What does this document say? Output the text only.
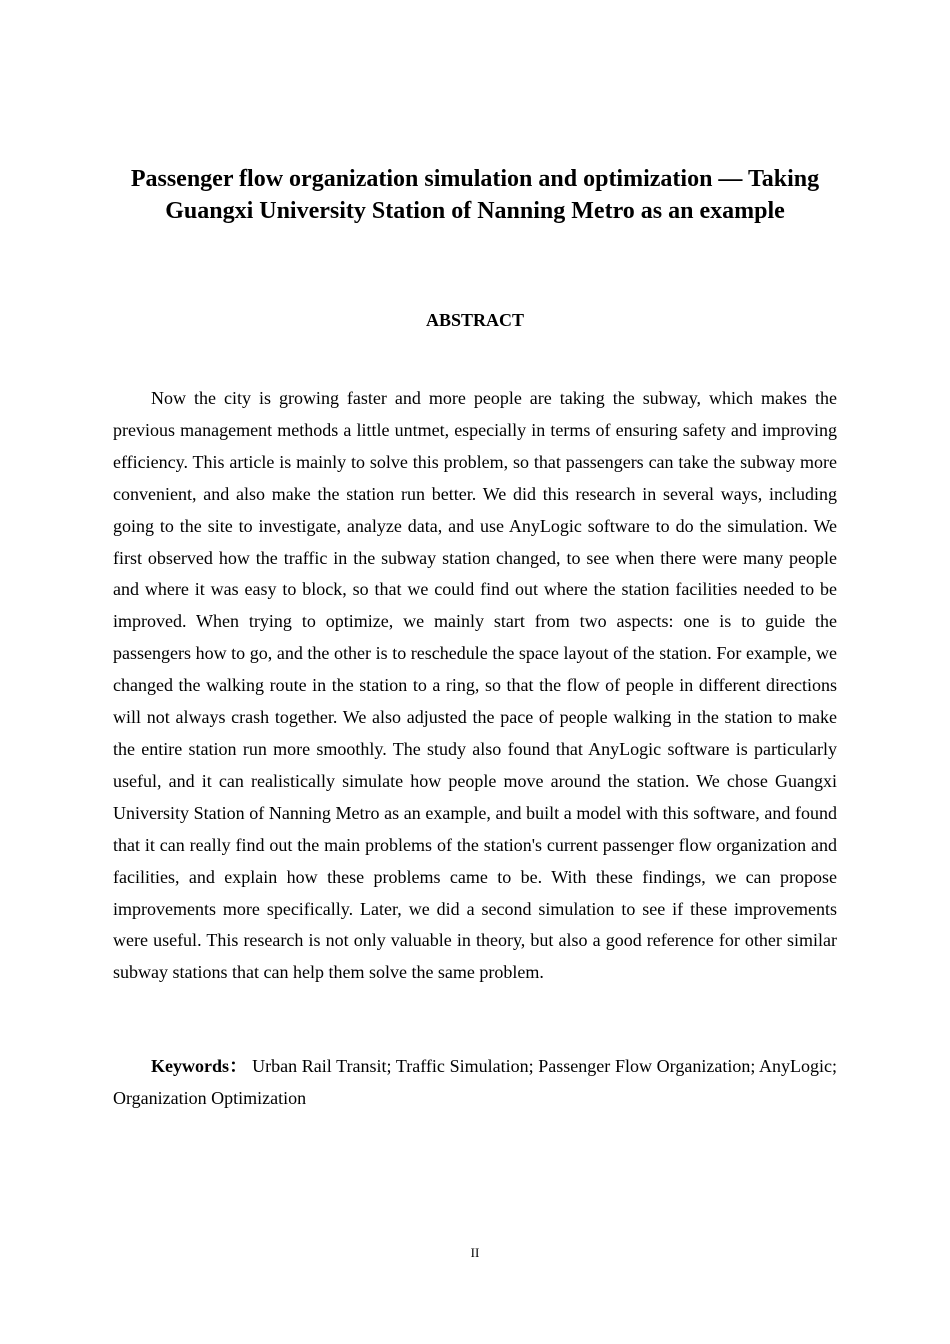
Passenger flow organization simulation and optimization — Taking Guangxi University Station of Nanning Metro as an example
ABSTRACT

Now the city is growing faster and more people are taking the subway, which makes the previous management methods a little untmet, especially in terms of ensuring safety and improving efficiency. This article is mainly to solve this problem, so that passengers can take the subway more convenient, and also make the station run better. We did this research in several ways, including going to the site to investigate, analyze data, and use AnyLogic software to do the simulation. We first observed how the traffic in the subway station changed, to see when there were many people and where it was easy to block, so that we could find out where the station facilities needed to be improved. When trying to optimize, we mainly start from two aspects: one is to guide the passengers how to go, and the other is to reschedule the space layout of the station. For example, we changed the walking route in the station to a ring, so that the flow of people in different directions will not always crash together. We also adjusted the pace of people walking in the station to make the entire station run more smoothly. The study also found that AnyLogic software is particularly useful, and it can realistically simulate how people move around the station. We chose Guangxi University Station of Nanning Metro as an example, and built a model with this software, and found that it can really find out the main problems of the station's current passenger flow organization and facilities, and explain how these problems came to be. With these findings, we can propose improvements more specifically. Later, we did a second simulation to see if these improvements were useful. This research is not only valuable in theory, but also a good reference for other similar subway stations that can help them solve the same problem.

Keywords： Urban Rail Transit; Traffic Simulation; Passenger Flow Organization; AnyLogic; Organization Optimization

II
